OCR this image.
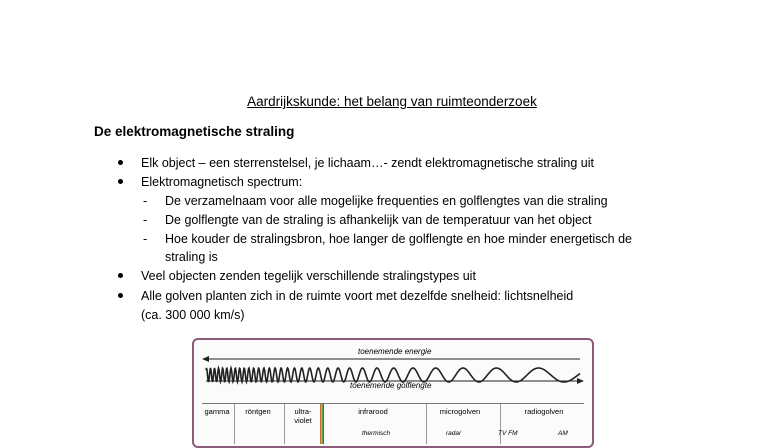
Aardrijkskunde: het belang van ruimteonderzoek
De elektromagnetische straling
Elk object – een sterrenstelsel, je lichaam…- zendt elektromagnetische straling uit
Elektromagnetisch spectrum:
- De verzamelnaam voor alle mogelijke frequenties en golflengtes van die straling
- De golflengte van de straling is afhankelijk van de temperatuur van het object
- Hoe kouder de stralingsbron, hoe langer de golflengte en hoe minder energetisch de
straling is
Veel objecten zenden tegelijk verschillende stralingstypes uit
Alle golven planten zich in de ruimte voort met dezelfde snelheid: lichtsnelheid
(ca. 300 000 km/s)
toenemende energie
toenemende golflengte
gamma	röntgen	ultra-
violet
infrarood	microgolven	radiogolven
thermisch	radar	TV FM	AM
